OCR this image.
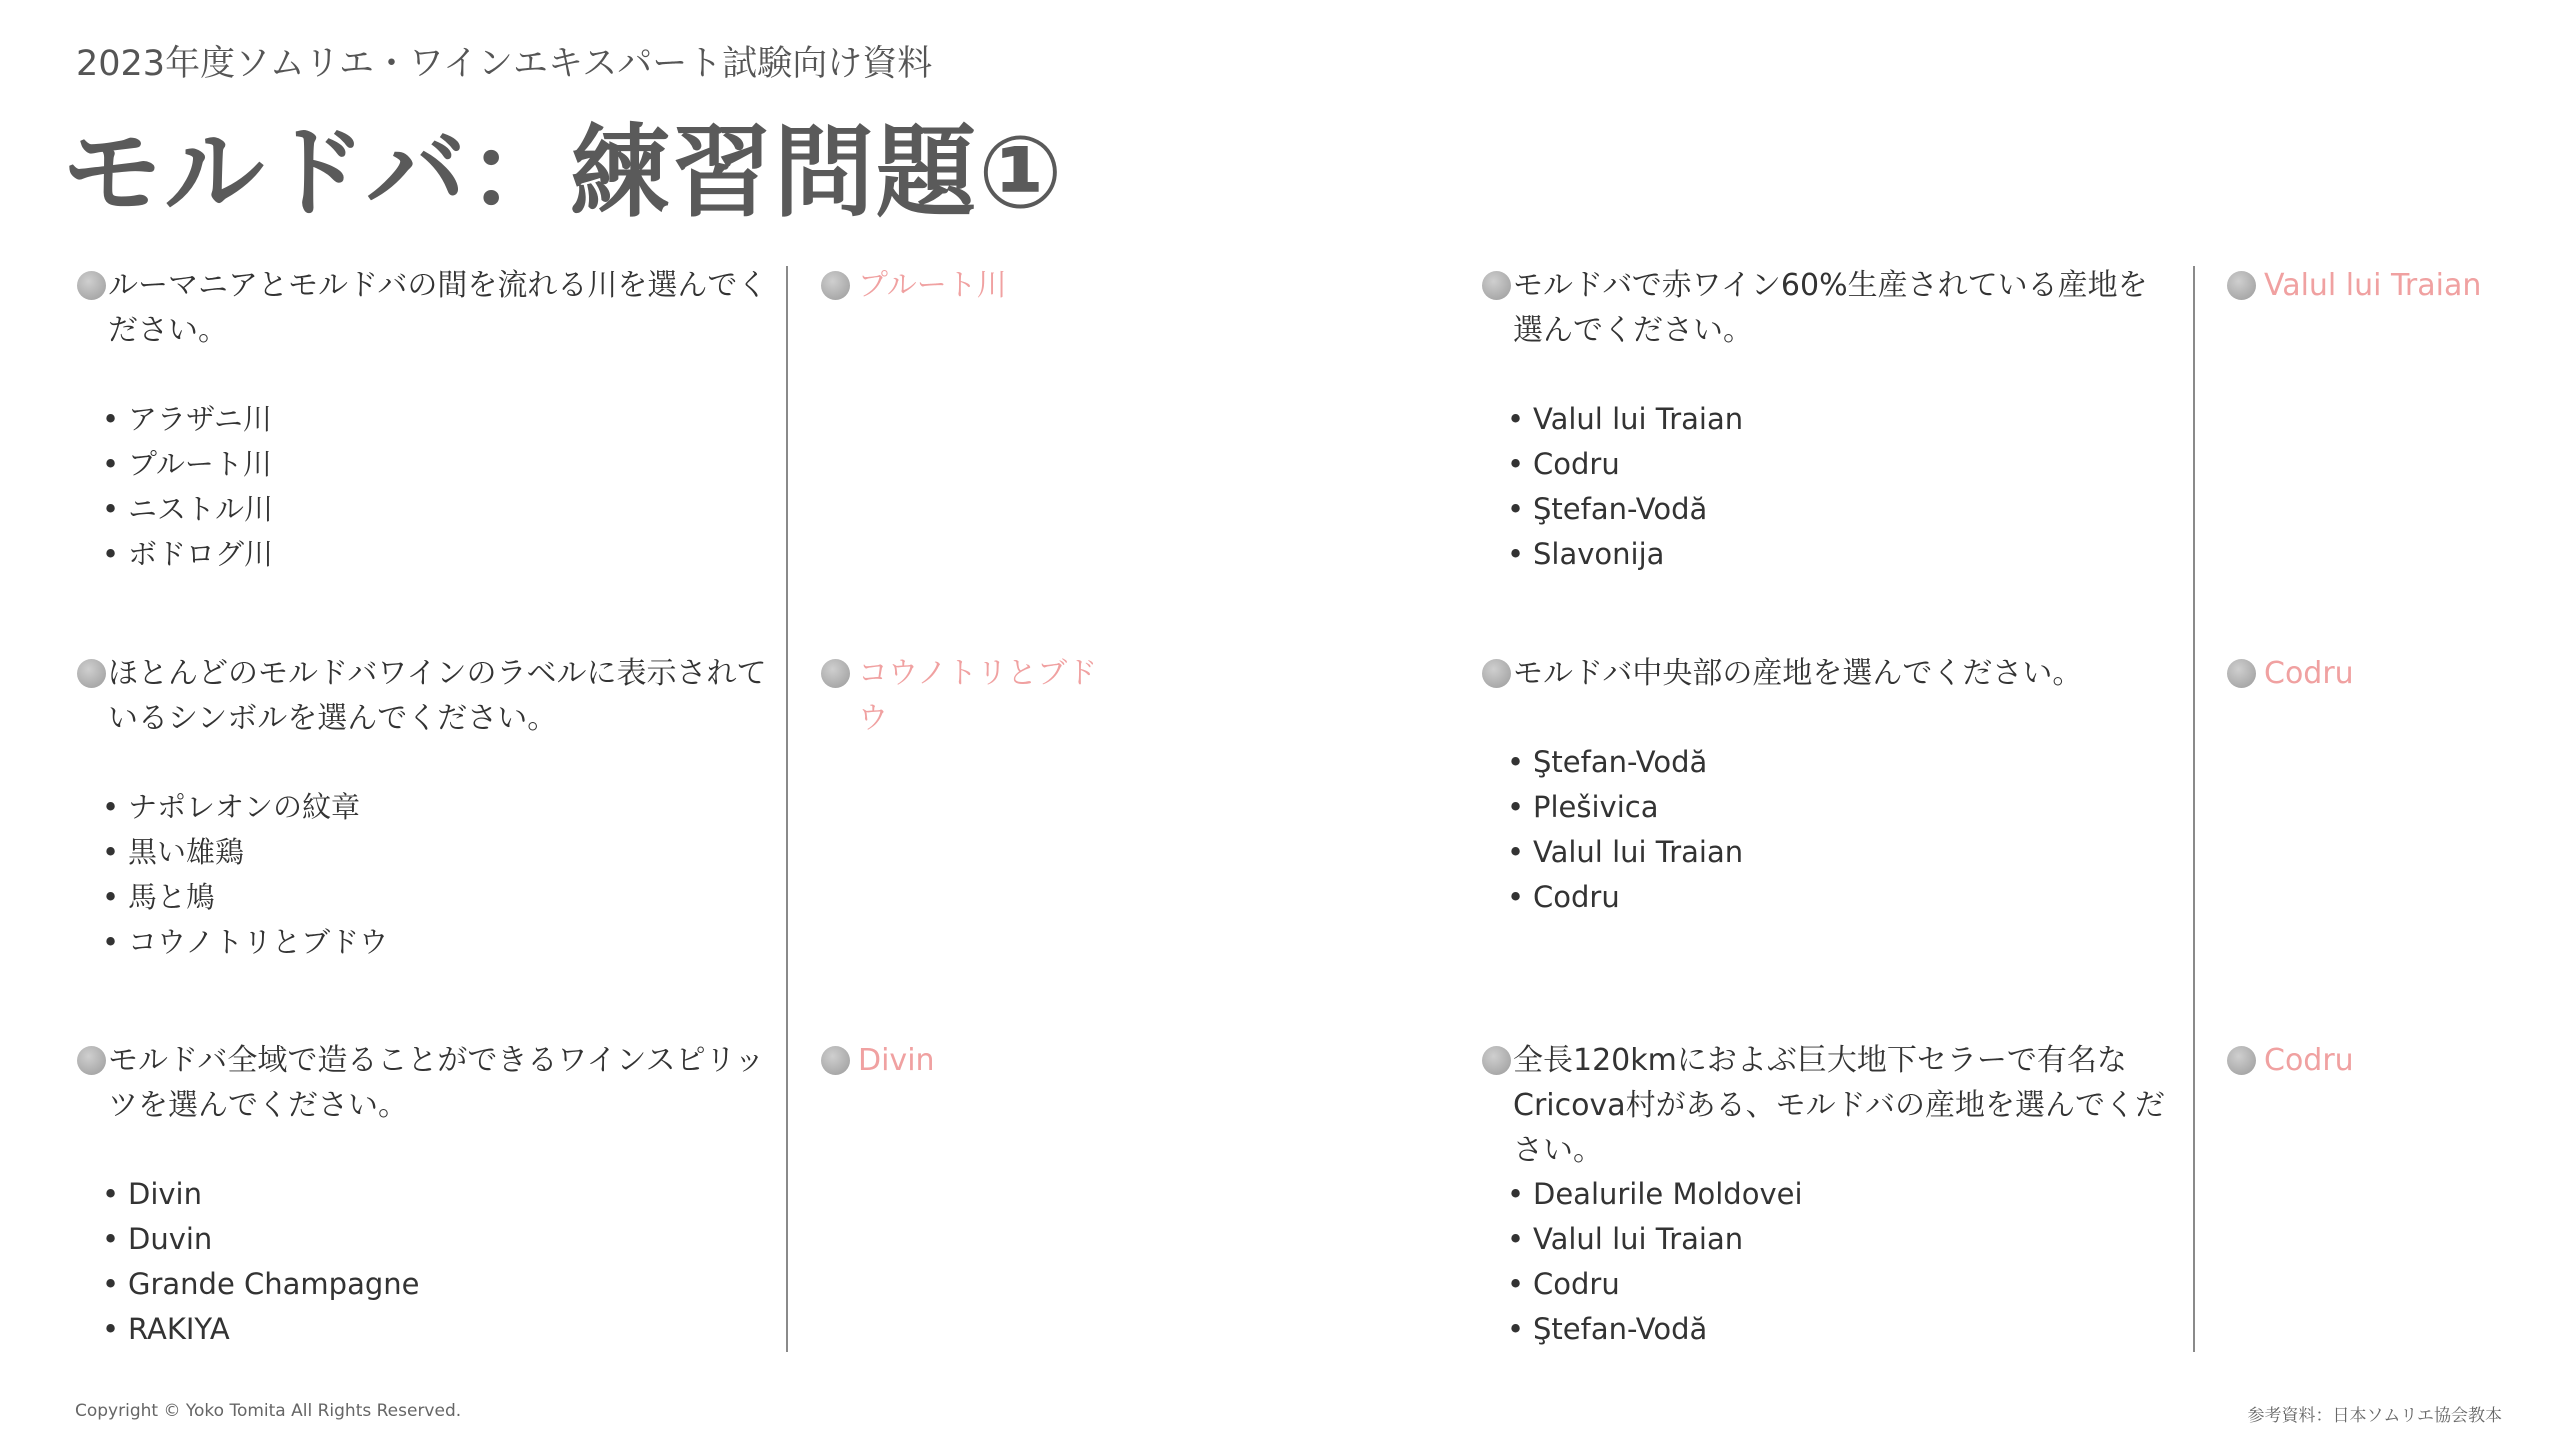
2023年度ソムリエ・ワインエキスパート試験向け資料
モルドバ：練習問題①
ルーマニアとモルドバの間を流れる川を選んでください。
• アラザニ川
• プルート川
• ニストル川
• ボドログ川
プルート川
ほとんどのモルドバワインのラベルに表示されているシンボルを選んでください。
• ナポレオンの紋章
• 黒い雄鶏
• 馬と鳩
• コウノトリとブドウ
コウノトリとブドウ
モルドバ全域で造ることができるワインスピリッツを選んでください。
• Divin
• Duvin
• Grande Champagne
• RAKIYA
Divin
モルドバで赤ワイン60%生産されている産地を選んでください。
• Valul lui Traian
• Codru
• Ştefan-Vodă
• Slavonija
Valul lui Traian
モルドバ中央部の産地を選んでください。
• Ştefan-Vodă
• Plešivica
• Valul lui Traian
• Codru
Codru
全長120kmにおよぶ巨大地下セラーで有名なCricova村がある、モルドバの産地を選んでください。
• Dealurile Moldovei
• Valul lui Traian
• Codru
• Ştefan-Vodă
Codru
Copyright © Yoko Tomita All Rights Reserved.	参考資料：日本ソムリエ協会教本
